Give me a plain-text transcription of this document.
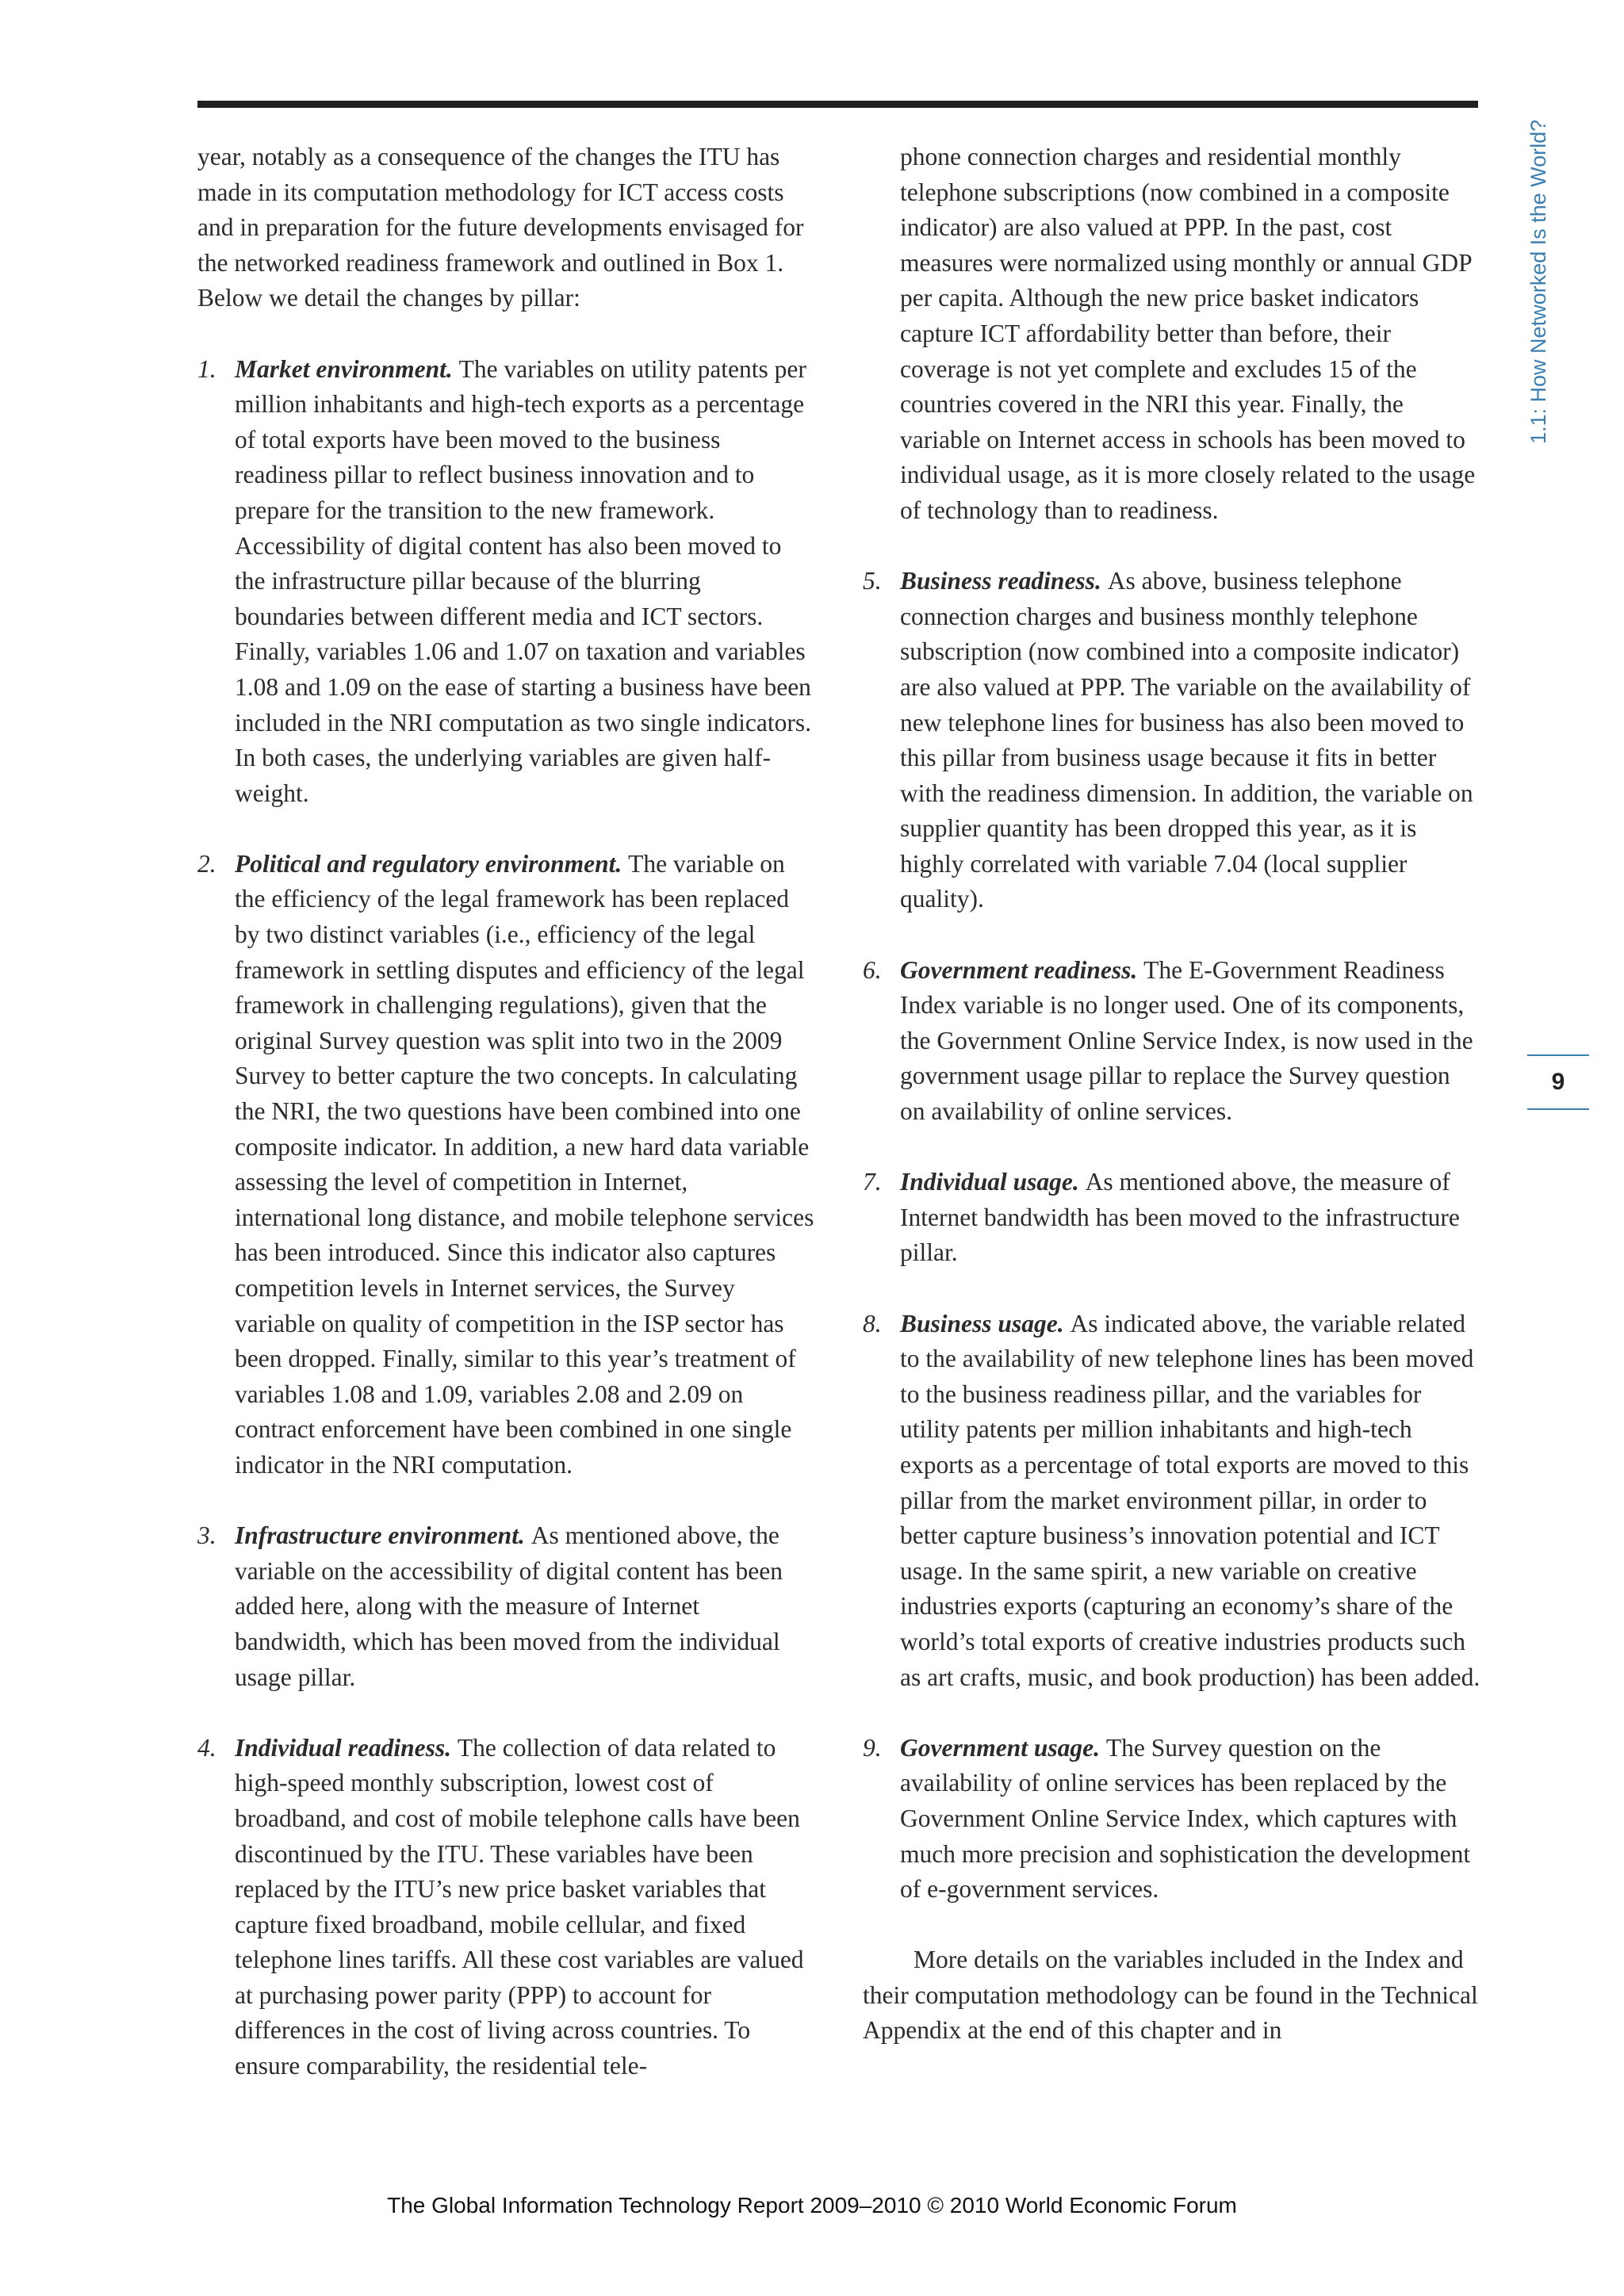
1.1: How Networked Is the World?
9

year, notably as a consequence of the changes the ITU has made in its computation methodology for ICT access costs and in preparation for the future developments envisaged for the networked readiness framework and outlined in Box 1. Below we detail the changes by pillar:

1. Market environment. The variables on utility patents per million inhabitants and high-tech exports as a percentage of total exports have been moved to the business readiness pillar to reflect business innovation and to prepare for the transition to the new framework. Accessibility of digital content has also been moved to the infrastructure pillar because of the blurring boundaries between different media and ICT sectors. Finally, variables 1.06 and 1.07 on taxation and variables 1.08 and 1.09 on the ease of starting a business have been included in the NRI computation as two single indicators. In both cases, the underlying variables are given half-weight.
2. Political and regulatory environment. The variable on the efficiency of the legal framework has been replaced by two distinct variables (i.e., efficiency of the legal framework in settling disputes and efficiency of the legal framework in challenging regulations), given that the original Survey question was split into two in the 2009 Survey to better capture the two concepts. In calculating the NRI, the two questions have been combined into one composite indicator. In addition, a new hard data variable assessing the level of competition in Internet, international long distance, and mobile telephone services has been introduced. Since this indicator also captures competition levels in Internet services, the Survey variable on quality of competition in the ISP sector has been dropped. Finally, similar to this year’s treatment of variables 1.08 and 1.09, variables 2.08 and 2.09 on contract enforcement have been combined in one single indicator in the NRI computation.
3. Infrastructure environment. As mentioned above, the variable on the accessibility of digital content has been added here, along with the measure of Internet bandwidth, which has been moved from the individual usage pillar.
4. Individual readiness. The collection of data related to high-speed monthly subscription, lowest cost of broadband, and cost of mobile telephone calls have been discontinued by the ITU. These variables have been replaced by the ITU’s new price basket variables that capture fixed broadband, mobile cellular, and fixed telephone lines tariffs. All these cost variables are valued at purchasing power parity (PPP) to account for differences in the cost of living across countries. To ensure comparability, the residential tele-

phone connection charges and residential monthly telephone subscriptions (now combined in a composite indicator) are also valued at PPP. In the past, cost measures were normalized using monthly or annual GDP per capita. Although the new price basket indicators capture ICT affordability better than before, their coverage is not yet complete and excludes 15 of the countries covered in the NRI this year. Finally, the variable on Internet access in schools has been moved to individual usage, as it is more closely related to the usage of technology than to readiness.

5. Business readiness. As above, business telephone connection charges and business monthly telephone subscription (now combined into a composite indicator) are also valued at PPP. The variable on the availability of new telephone lines for business has also been moved to this pillar from business usage because it fits in better with the readiness dimension. In addition, the variable on supplier quantity has been dropped this year, as it is highly correlated with variable 7.04 (local supplier quality).
6. Government readiness. The E-Government Readiness Index variable is no longer used. One of its components, the Government Online Service Index, is now used in the government usage pillar to replace the Survey question on availability of online services.
7. Individual usage. As mentioned above, the measure of Internet bandwidth has been moved to the infrastructure pillar.
8. Business usage. As indicated above, the variable related to the availability of new telephone lines has been moved to the business readiness pillar, and the variables for utility patents per million inhabitants and high-tech exports as a percentage of total exports are moved to this pillar from the market environment pillar, in order to better capture business’s innovation potential and ICT usage. In the same spirit, a new variable on creative industries exports (capturing an economy’s share of the world’s total exports of creative industries products such as art crafts, music, and book production) has been added.
9. Government usage. The Survey question on the availability of online services has been replaced by the Government Online Service Index, which captures with much more precision and sophistication the development of e-government services.

More details on the variables included in the Index and their computation methodology can be found in the Technical Appendix at the end of this chapter and in

The Global Information Technology Report 2009–2010 © 2010 World Economic Forum
